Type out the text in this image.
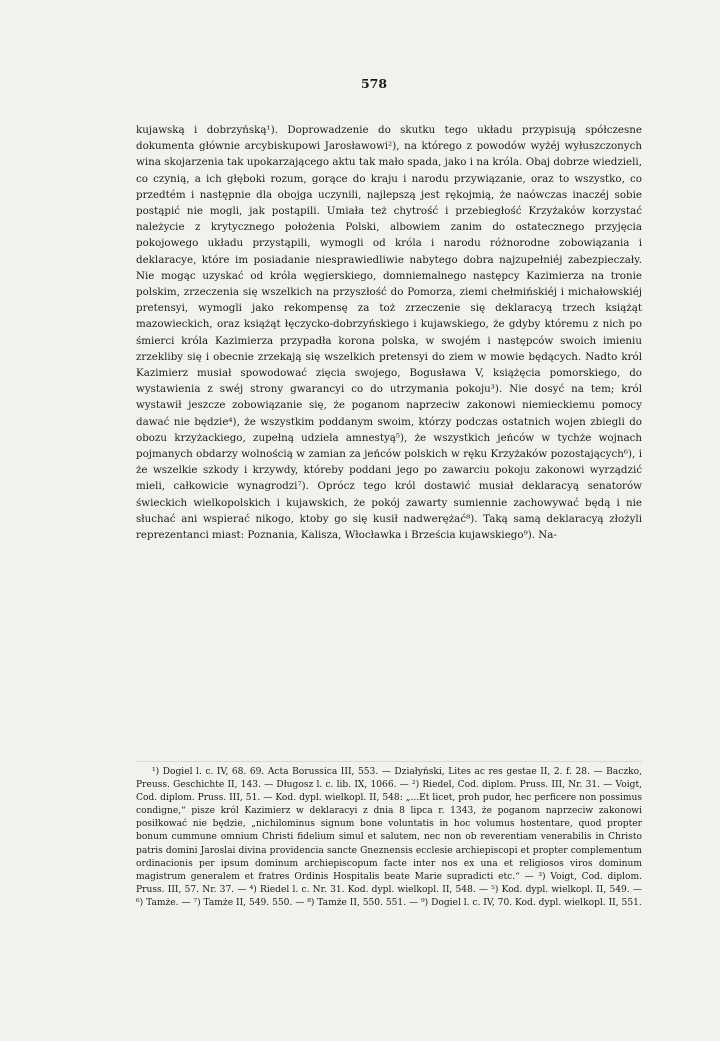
578

kujawską i dobrzyńską¹). Doprowadzenie do skutku tego układu przypisują spółczesne dokumenta głównie arcybiskupowi Jarosławowi²), na którego z powodów wyżéj wyłuszczonych wina skojarzenia tak upokarzającego aktu tak mało spada, jako i na króla. Obaj dobrze wiedzieli, co czynią, a ich głęboki rozum, gorące do kraju i narodu przywiązanie, oraz to wszystko, co przedtém i następnie dla obojga uczynili, najlepszą jest rękojmią, że naówczas inaczéj sobie postąpić nie mogli, jak postąpili. Umiała też chytrość i przebiegłość Krzyżaków korzystać należycie z krytycznego położenia Polski, albowiem zanim do ostatecznego przyjęcia pokojowego układu przystąpili, wymogli od króla i narodu różnorodne zobowiązania i deklaracye, które im posiadanie niesprawiedliwie nabytego dobra najzupełniéj zabezpieczały. Nie mogąc uzyskać od króla węgierskiego, domniemalnego następcy Kazimierza na tronie polskim, zrzeczenia się wszelkich na przyszłość do Pomorza, ziemi chełmińskiéj i michałowskiéj pretensyi, wymogli jako rekompensę za toż zrzeczenie się deklaracyą trzech książąt mazowieckich, oraz książąt łęczycko-dobrzyńskiego i kujawskiego, że gdyby któremu z nich po śmierci króla Kazimierza przypadła korona polska, w swojém i następców swoich imieniu zrzekliby się i obecnie zrzekają się wszelkich pretensyi do ziem w mowie będących. Nadto król Kazimierz musiał spowodować zięcia swojego, Bogusława V, książęcia pomorskiego, do wystawienia z swéj strony gwarancyi co do utrzymania pokoju³). Nie dosyć na tem; król wystawił jeszcze zobowiązanie się, że poganom naprzeciw zakonowi niemieckiemu pomocy dawać nie będzie⁴), że wszystkim poddanym swoim, którzy podczas ostatnich wojen zbiegli do obozu krzyżackiego, zupełną udziela amnestyą⁵), że wszystkich jeńców w tychże wojnach pojmanych obdarzy wolnością w zamian za jeńców polskich w ręku Krzyżaków pozostających⁶), i że wszelkie szkody i krzywdy, któreby poddani jego po zawarciu pokoju zakonowi wyrządzić mieli, całkowicie wynagrodzi⁷). Oprócz tego król dostawić musiał deklaracyą senatorów świeckich wielkopolskich i kujawskich, że pokój zawarty sumiennie zachowywać będą i nie słuchać ani wspierać nikogo, ktoby go się kusił nadwerężać⁸). Taką samą deklaracyą złożyli reprezentanci miast: Poznania, Kalisza, Włocławka i Brześcia kujawskiego⁹). Na-

¹) Dogiel l. c. IV, 68. 69. Acta Borussica III, 553. — Działyński, Lites ac res gestae II, 2. f. 28. — Baczko, Preuss. Geschichte II, 143. — Długosz l. c. lib. IX, 1066. — ²) Riedel, Cod. diplom. Pruss. III, Nr. 31. — Voigt, Cod. diplom. Pruss. III, 51. — Kod. dypl. wielkopl. II, 548: „...Et licet, proh pudor, hec perficere non possimus condigne,“ pisze król Kazimierz w deklaracyi z dnia 8 lipca r. 1343, że poganom naprzeciw zakonowi posiłkować nie będzie, „nichilominus signum bone voluntatis in hoc volumus hostentare, quod propter bonum cummune omnium Christi fidelium simul et salutem, nec non ob reverentiam venerabilis in Christo patris domini Jaroslai divina providencia sancte Gneznensis ecclesie archiepiscopi et propter complementum ordinacionis per ipsum dominum archiepiscopum facte inter nos ex una et religiosos viros dominum magistrum generalem et fratres Ordinis Hospitalis beate Marie supradicti etc.“ — ³) Voigt, Cod. diplom. Pruss. III, 57. Nr. 37. — ⁴) Riedel l. c. Nr. 31. Kod. dypl. wielkopl. II, 548. — ⁵) Kod. dypl. wielkopl. II, 549. — ⁶) Tamże. — ⁷) Tamże II, 549. 550. — ⁸) Tamże II, 550. 551. — ⁹) Dogiel l. c. IV, 70. Kod. dypl. wielkopl. II, 551.
